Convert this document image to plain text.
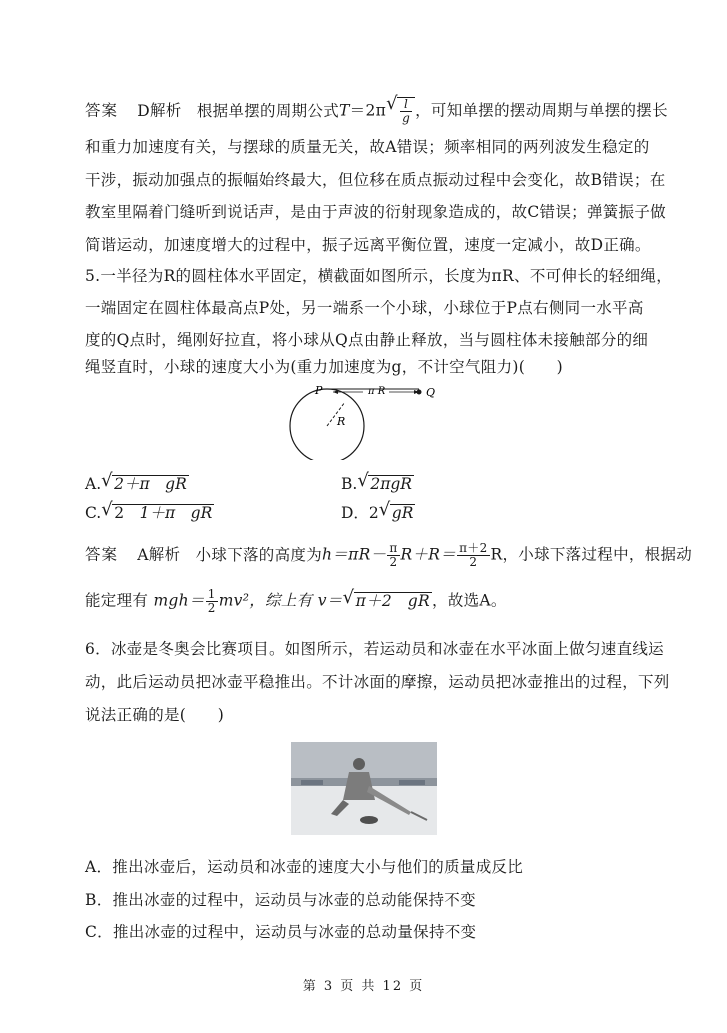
答案 D解析 根据单摆的周期公式T＝2π √ $\frac{l}{g}$ ，可知单摆的摆动周期与单摆的摆长
和重力加速度有关，与摆球的质量无关，故A错误；频率相同的两列波发生稳定的
干涉，振动加强点的振幅始终最大，但位移在质点振动过程中会变化，故B错误；在
教室里隔着门缝听到说话声，是由于声波的衍射现象造成的，故C错误；弹簧振子做
简谐运动，加速度增大的过程中，振子远离平衡位置，速度一定减小，故D正确。
5.一半径为R的圆柱体水平固定，横截面如图所示，长度为πR、不可伸长的轻细绳，
一端固定在圆柱体最高点P处，另一端系一个小球，小球位于P点右侧同一水平高
度的Q点时，绳刚好拉直，将小球从Q点由静止释放，当与圆柱体未接触部分的细
绳竖直时，小球的速度大小为(重力加速度为g，不计空气阻力)(　　)
P	Q
π R
R
A. √ 2＋π　gR	B. √ 2πgR
C. √ 2　 1＋π　gR	D．2 √ gR
答案 A解析 小球下落的高度为$h=\pi R- \frac{\pi}{2} R+R= \frac{\pi+2}{2}$ R，小球下落过程中，根据动
能定理有 $mgh= \frac{1}{2} mv^2$，综上有 v＝ √ π＋2　gR ，故选A。
6．冰壶是冬奥会比赛项目。如图所示，若运动员和冰壶在水平冰面上做匀速直线运
动，此后运动员把冰壶平稳推出。不计冰面的摩擦，运动员把冰壶推出的过程，下列
说法正确的是(　　)
A．推出冰壶后，运动员和冰壶的速度大小与他们的质量成反比
B．推出冰壶的过程中，运动员与冰壶的总动能保持不变
C．推出冰壶的过程中，运动员与冰壶的总动量保持不变
第 3 页 共 12 页
